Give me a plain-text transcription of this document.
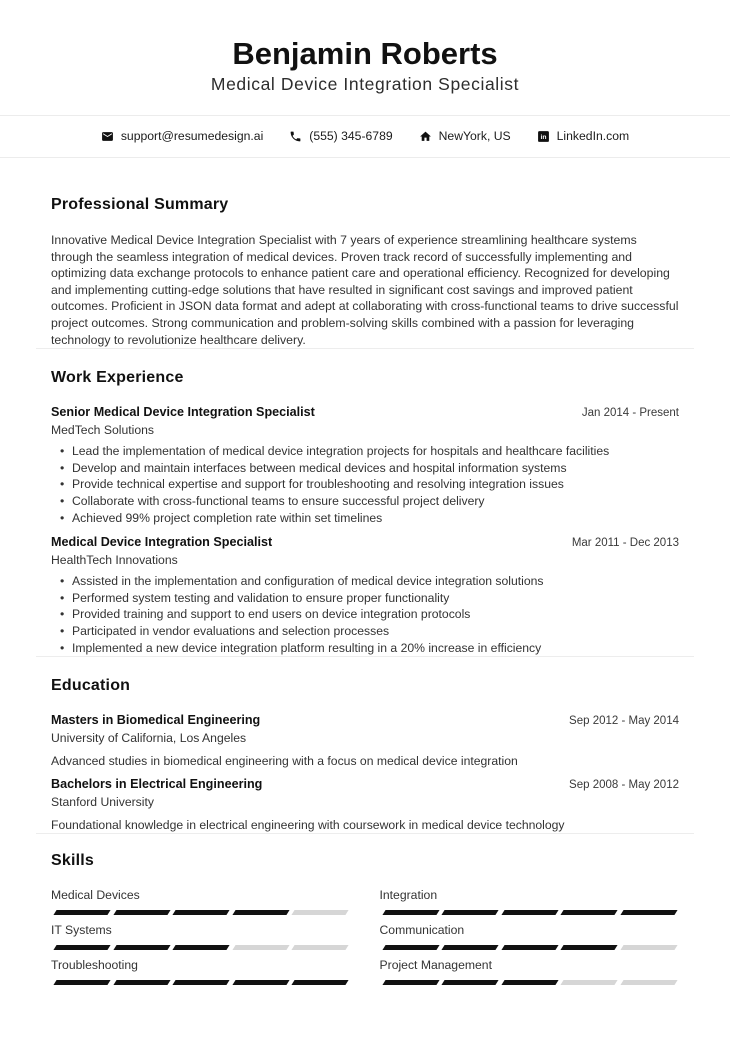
Benjamin Roberts
Medical Device Integration Specialist
support@resumedesign.ai	(555) 345-6789	NewYork, US in LinkedIn.com
Professional Summary

Innovative Medical Device Integration Specialist with 7 years of experience streamlining healthcare systems through the seamless integration of medical devices. Proven track record of successfully implementing and optimizing data exchange protocols to enhance patient care and operational efficiency. Recognized for developing and implementing cutting-edge solutions that have resulted in significant cost savings and improved patient outcomes. Proficient in JSON data format and adept at collaborating with cross-functional teams to drive successful project outcomes. Strong communication and problem-solving skills combined with a passion for leveraging technology to revolutionize healthcare delivery.

Work Experience
Senior Medical Device Integration Specialist	Jan 2014 - Present
MedTech Solutions
• Lead the implementation of medical device integration projects for hospitals and healthcare facilities
• Develop and maintain interfaces between medical devices and hospital information systems
• Provide technical expertise and support for troubleshooting and resolving integration issues
• Collaborate with cross-functional teams to ensure successful project delivery
• Achieved 99% project completion rate within set timelines
Medical Device Integration Specialist	Mar 2011 - Dec 2013
HealthTech Innovations
• Assisted in the implementation and configuration of medical device integration solutions
• Performed system testing and validation to ensure proper functionality
• Provided training and support to end users on device integration protocols
• Participated in vendor evaluations and selection processes
• Implemented a new device integration platform resulting in a 20% increase in efficiency
Education
Masters in Biomedical Engineering	Sep 2012 - May 2014
University of California, Los Angeles
Advanced studies in biomedical engineering with a focus on medical device integration
Bachelors in Electrical Engineering	Sep 2008 - May 2012
Stanford University
Foundational knowledge in electrical engineering with coursework in medical device technology
Skills
Medical Devices
IT Systems
Troubleshooting
Integration
Communication
Project Management
